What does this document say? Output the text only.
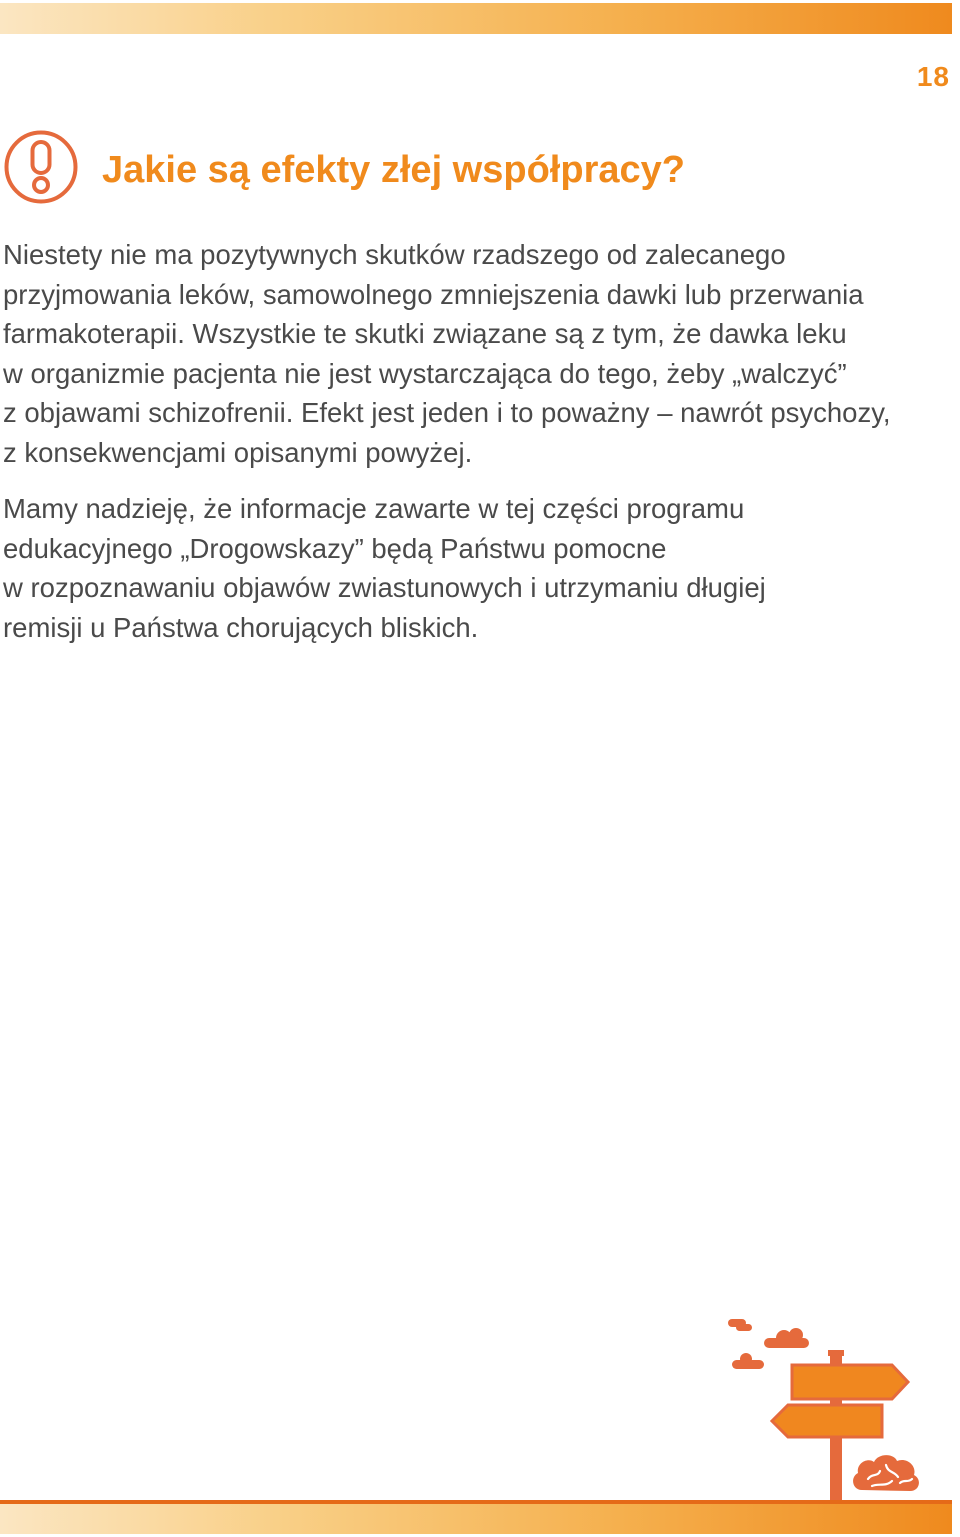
18
Jakie są efekty złej współpracy?

Niestety nie ma pozytywnych skutków rzadszego od zalecanego
przyjmowania leków, samowolnego zmniejszenia dawki lub przerwania
farmakoterapii. Wszystkie te skutki związane są z tym, że dawka leku
w organizmie pacjenta nie jest wystarczająca do tego, żeby „walczyć”
z objawami schizofrenii. Efekt jest jeden i to poważny – nawrót psychozy,
z konsekwencjami opisanymi powyżej.

Mamy nadzieję, że informacje zawarte w tej części programu
edukacyjnego „Drogowskazy” będą Państwu pomocne
w rozpoznawaniu objawów zwiastunowych i utrzymaniu długiej
remisji u Państwa chorujących bliskich.
